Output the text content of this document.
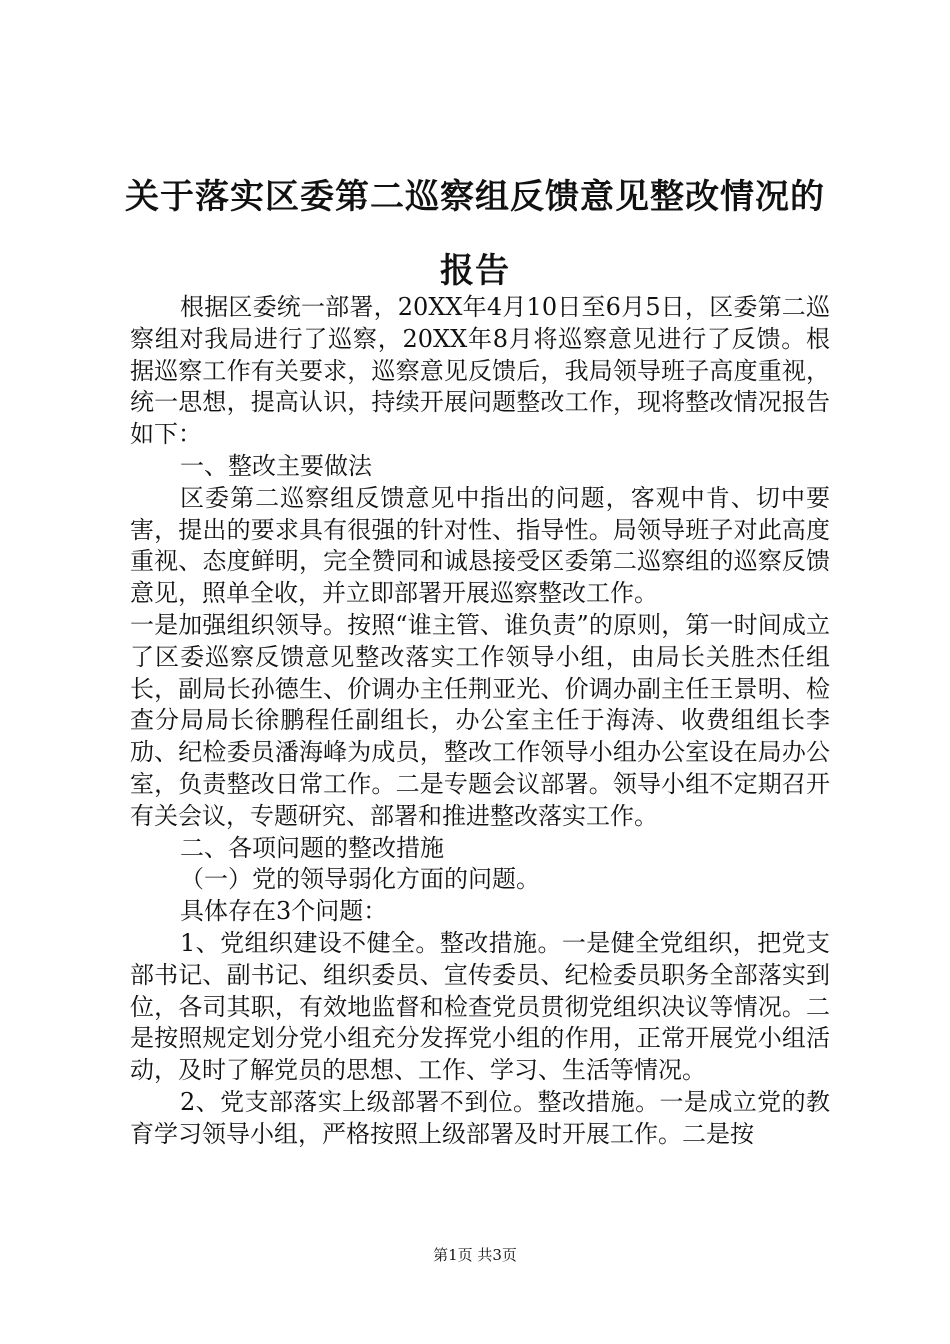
关于落实区委第二巡察组反馈意见整改情况的报告

根据区委统一部署，20XX年4月10日至6月5日，区委第二巡察组对我局进行了巡察，20XX年8月将巡察意见进行了反馈。根据巡察工作有关要求，巡察意见反馈后，我局领导班子高度重视，统一思想，提高认识，持续开展问题整改工作，现将整改情况报告如下：

一、整改主要做法

区委第二巡察组反馈意见中指出的问题，客观中肯、切中要害，提出的要求具有很强的针对性、指导性。局领导班子对此高度重视、态度鲜明，完全赞同和诚恳接受区委第二巡察组的巡察反馈意见，照单全收，并立即部署开展巡察整改工作。

一是加强组织领导。按照“谁主管、谁负责”的原则，第一时间成立了区委巡察反馈意见整改落实工作领导小组，由局长关胜杰任组长，副局长孙德生、价调办主任荆亚光、价调办副主任王景明、检查分局局长徐鹏程任副组长，办公室主任于海涛、收费组组长李劢、纪检委员潘海峰为成员，整改工作领导小组办公室设在局办公室，负责整改日常工作。二是专题会议部署。领导小组不定期召开有关会议，专题研究、部署和推进整改落实工作。

二、各项问题的整改措施

（一）党的领导弱化方面的问题。

具体存在3个问题：

1、党组织建设不健全。整改措施。一是健全党组织，把党支部书记、副书记、组织委员、宣传委员、纪检委员职务全部落实到位，各司其职，有效地监督和检查党员贯彻党组织决议等情况。二是按照规定划分党小组充分发挥党小组的作用，正常开展党小组活动，及时了解党员的思想、工作、学习、生活等情况。

2、党支部落实上级部署不到位。整改措施。一是成立党的教育学习领导小组，严格按照上级部署及时开展工作。二是按

第1页 共3页
